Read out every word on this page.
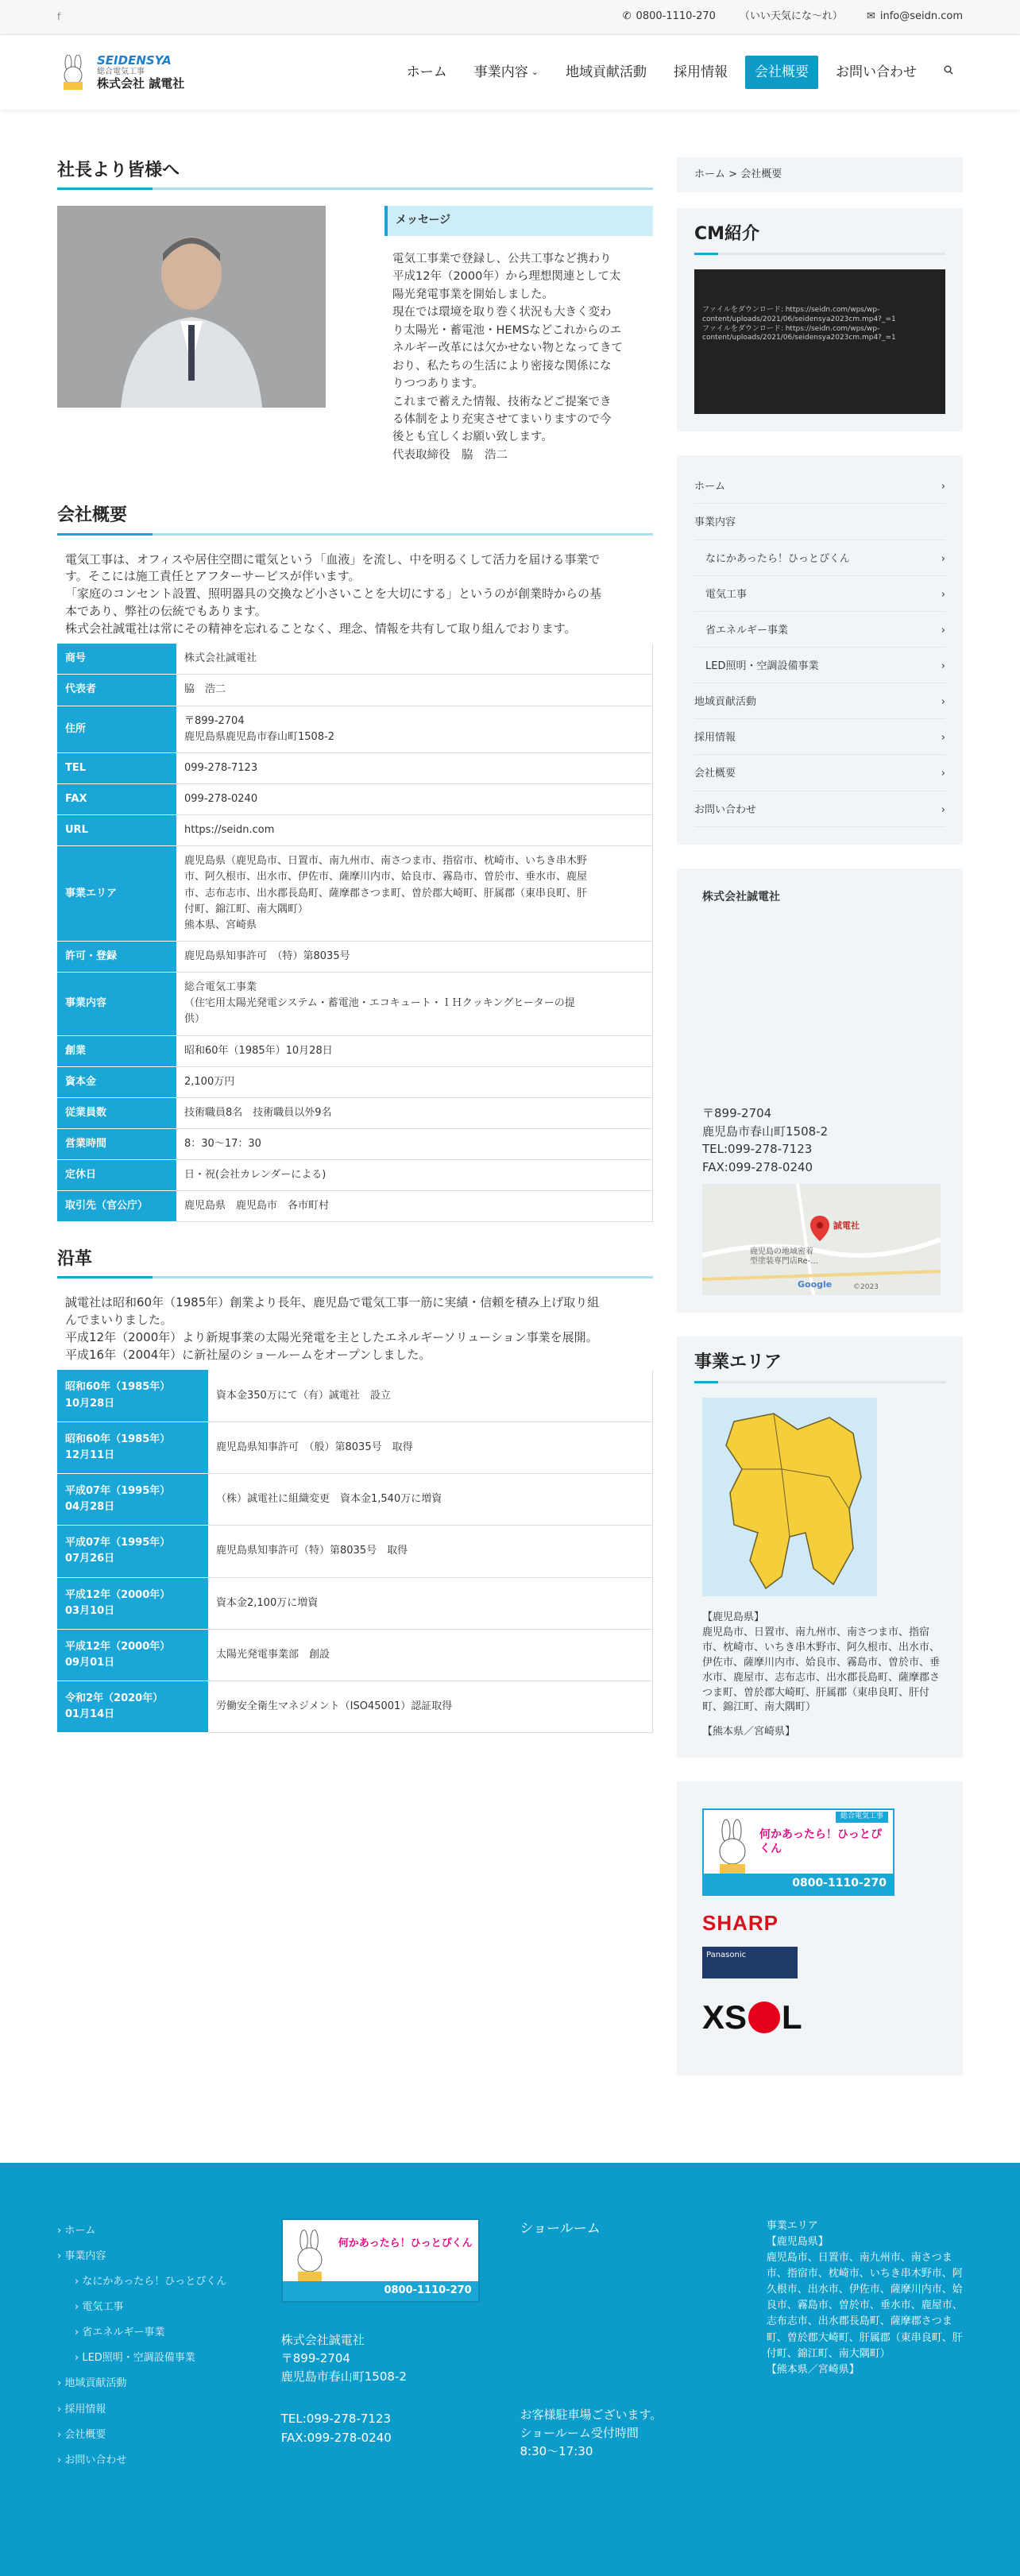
f	✆ 0800-1110-270 （いい天気にな〜れ） ✉ info@seidn.com
SEIDENSYA
総合電気工事
株式会社 誠電社
ホーム	事業内容 ⌄	地域貢献活動	採用情報	会社概要	お問い合わせ
社長より皆様へ
メッセージ

電気工事業で登録し、公共工事など携わり

平成12年（2000年）から理想関連として太

陽光発電事業を開始しました。

現在では環境を取り巻く状況も大きく変わ

り太陽光・蓄電池・HEMSなどこれからのエ

ネルギー改革には欠かせない物となってきて

おり、私たちの生活により密接な関係にな

りつつあります。

これまで蓄えた情報、技術などご提案でき

る体制をより充実させてまいりますので今

後とも宜しくお願い致します。

代表取締役　脇　浩二

会社概要

電気工事は、オフィスや居住空間に電気という「血液」を流し、中を明るくして活力を届ける事業で

す。そこには施工責任とアフターサービスが伴います。

「家庭のコンセント設置、照明器具の交換など小さいことを大切にする」というのが創業時からの基

本であり、弊社の伝統でもあります。

株式会社誠電社は常にその精神を忘れることなく、理念、情報を共有して取り組んでおります。

商号	株式会社誠電社
代表者	脇　浩二
住所	〒899-2704
鹿児島県鹿児島市春山町1508-2
TEL	099-278-7123
FAX	099-278-0240
URL	https://seidn.com
事業エリア	鹿児島県（鹿児島市、日置市、南九州市、南さつま市、指宿市、枕崎市、いちき串木野
市、阿久根市、出水市、伊佐市、薩摩川内市、姶良市、霧島市、曽於市、垂水市、鹿屋
市、志布志市、出水郡長島町、薩摩郡さつま町、曽於郡大崎町、肝属郡（東串良町、肝
付町、錦江町、南大隅町）
熊本県、宮崎県
許可・登録	鹿児島県知事許可　（特）第8035号
事業内容	総合電気工事業
（住宅用太陽光発電システム・蓄電池・エコキュート・ＩＨクッキングヒーターの提
供）
創業	昭和60年（1985年）10月28日
資本金	2,100万円
従業員数	技術職員8名　技術職員以外9名
営業時間	8：30〜17：30
定休日	日・祝(会社カレンダーによる)
取引先（官公庁）	鹿児島県　鹿児島市　各市町村
沿革

誠電社は昭和60年（1985年）創業より長年、鹿児島で電気工事一筋に実績・信頼を積み上げ取り組

んでまいりました。

平成12年（2000年）より新規事業の太陽光発電を主としたエネルギーソリューション事業を展開。

平成16年（2004年）に新社屋のショールームをオープンしました。

昭和60年（1985年）
10月28日	資本金350万にて（有）誠電社　設立
昭和60年（1985年）
12月11日	鹿児島県知事許可　（般）第8035号　取得
平成07年（1995年）
04月28日	（株）誠電社に組織変更　資本金1,540万に増資
平成07年（1995年）
07月26日	鹿児島県知事許可（特）第8035号　取得
平成12年（2000年）
03月10日	資本金2,100万に増資
平成12年（2000年）
09月01日	太陽光発電事業部　創設
令和2年（2020年）
01月14日	労働安全衛生マネジメント（ISO45001）認証取得
ホーム > 会社概要
CM紹介
ファイルをダウンロード: https://seidn.com/wps/wp-content/uploads/2021/06/seidensya2023cm.mp4?_=1
ファイルをダウンロード: https://seidn.com/wps/wp-content/uploads/2021/06/seidensya2023cm.mp4?_=1
ホーム	›
事業内容
なにかあったら！ひっとぴくん	›
電気工事	›
省エネルギー事業	›
LED照明・空調設備事業	›
地域貢献活動	›
採用情報	›
会社概要	›
お問い合わせ	›
株式会社誠電社
〒899-2704
鹿児島市春山町1508-2
TEL:099-278-7123
FAX:099-278-0240
誠電社
鹿児島の地域密着
型塗装専門店Re-...
Google	©2023
事業エリア
【鹿児島県】
鹿児島市、日置市、南九州市、南さつま市、指宿市、枕崎市、いちき串木野市、阿久根市、出水市、伊佐市、薩摩川内市、姶良市、霧島市、曽於市、垂水市、鹿屋市、志布志市、出水郡長島町、薩摩郡さつま町、曽於郡大崎町、肝属郡（東串良町、肝付町、錦江町、南大隅町）
【熊本県／宮崎県】
総合電気工事
何かあったら！ひっとぴくん
0800-1110-270
SHARP
Panasonic
XS L
› ホーム
› 事業内容
› なにかあったら！ひっとぴくん
› 電気工事
› 省エネルギー事業
› LED照明・空調設備事業
› 地域貢献活動
› 採用情報
› 会社概要
› お問い合わせ
何かあったら！ひっとぴくん
0800-1110-270
株式会社誠電社
〒899-2704
鹿児島市春山町1508-2
TEL:099-278-7123
FAX:099-278-0240
ショールーム
お客様駐車場ございます。
ショールーム受付時間
8:30〜17:30
事業エリア
【鹿児島県】
鹿児島市、日置市、南九州市、南さつま市、指宿市、枕崎市、いちき串木野市、阿久根市、出水市、伊佐市、薩摩川内市、姶良市、霧島市、曽於市、垂水市、鹿屋市、志布志市、出水郡長島町、薩摩郡さつま町、曽於郡大崎町、肝属郡（東串良町、肝付町、錦江町、南大隅町）
【熊本県／宮崎県】
